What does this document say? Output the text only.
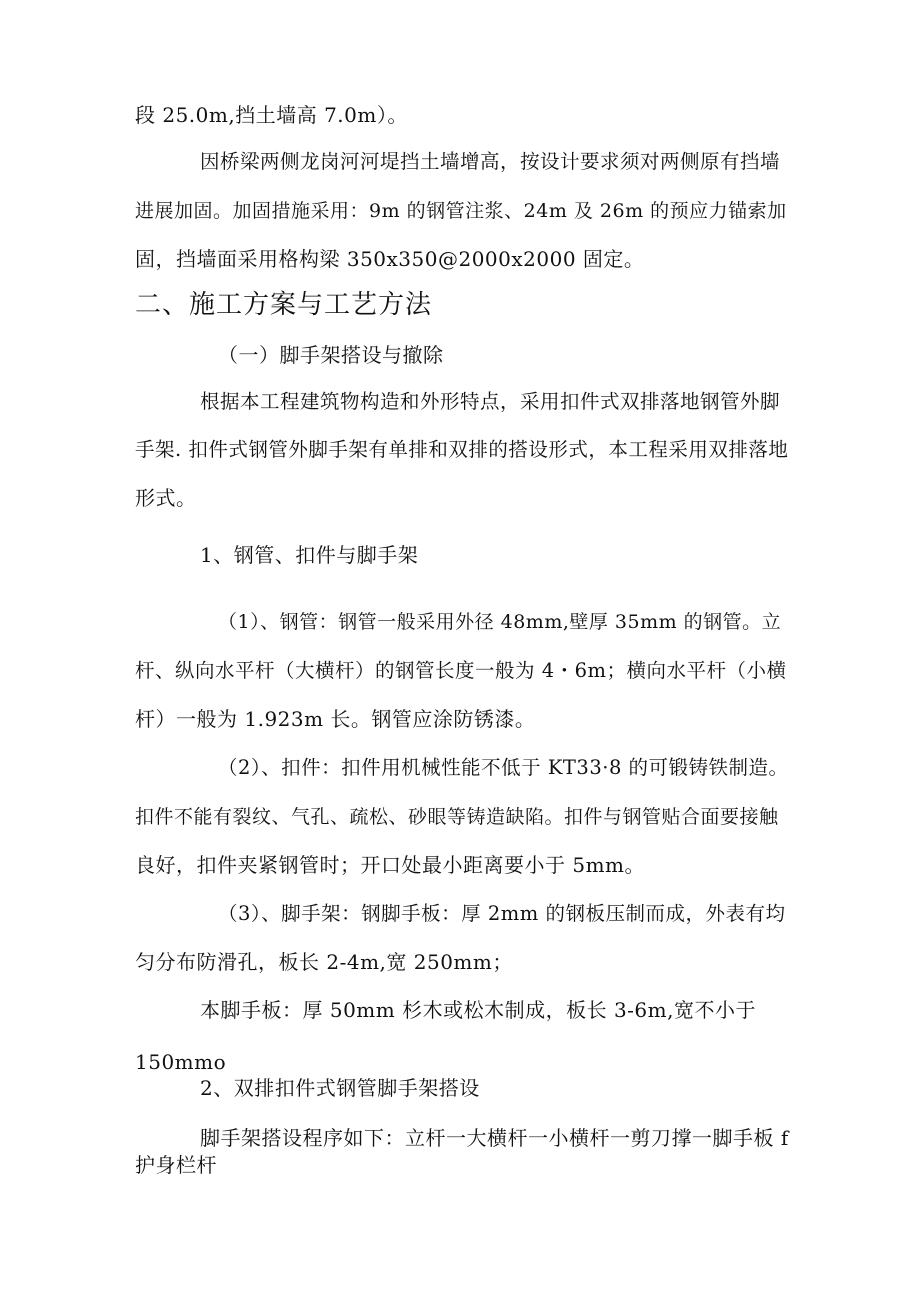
段 25.0m,挡土墙高 7.0m）。
因桥梁两侧龙岗河河堤挡土墙增高，按设计要求须对两侧原有挡墙
进展加固。加固措施采用：9m 的钢管注浆、24m 及 26m 的预应力锚索加
固，挡墙面采用格构梁 350x350@2000x2000 固定。
二、施工方案与工艺方法
（一）脚手架搭设与撤除
根据本工程建筑物构造和外形特点，采用扣件式双排落地钢管外脚
手架. 扣件式钢管外脚手架有单排和双排的搭设形式，本工程采用双排落地
形式。
1、钢管、扣件与脚手架
（1）、钢管：钢管一般采用外径 48mm,壁厚 35mm 的钢管。立
杆、纵向水平杆（大横杆）的钢管长度一般为 4・6m；横向水平杆（小横
杆）一般为 1.923m 长。钢管应涂防锈漆。
（2）、扣件：扣件用机械性能不低于 KT33·8 的可锻铸铁制造。
扣件不能有裂纹、气孔、疏松、砂眼等铸造缺陷。扣件与钢管贴合面要接触
良好，扣件夹紧钢管时；开口处最小距离要小于 5mm。
（3）、脚手架：钢脚手板：厚 2mm 的钢板压制而成，外表有均
匀分布防滑孔，板长 2-4m,宽 250mm；
本脚手板：厚 50mm 杉木或松木制成，板长 3-6m,宽不小于
150mmo
2、双排扣件式钢管脚手架搭设
脚手架搭设程序如下：立杆一大横杆一小横杆一剪刀撑一脚手板 f
护身栏杆
